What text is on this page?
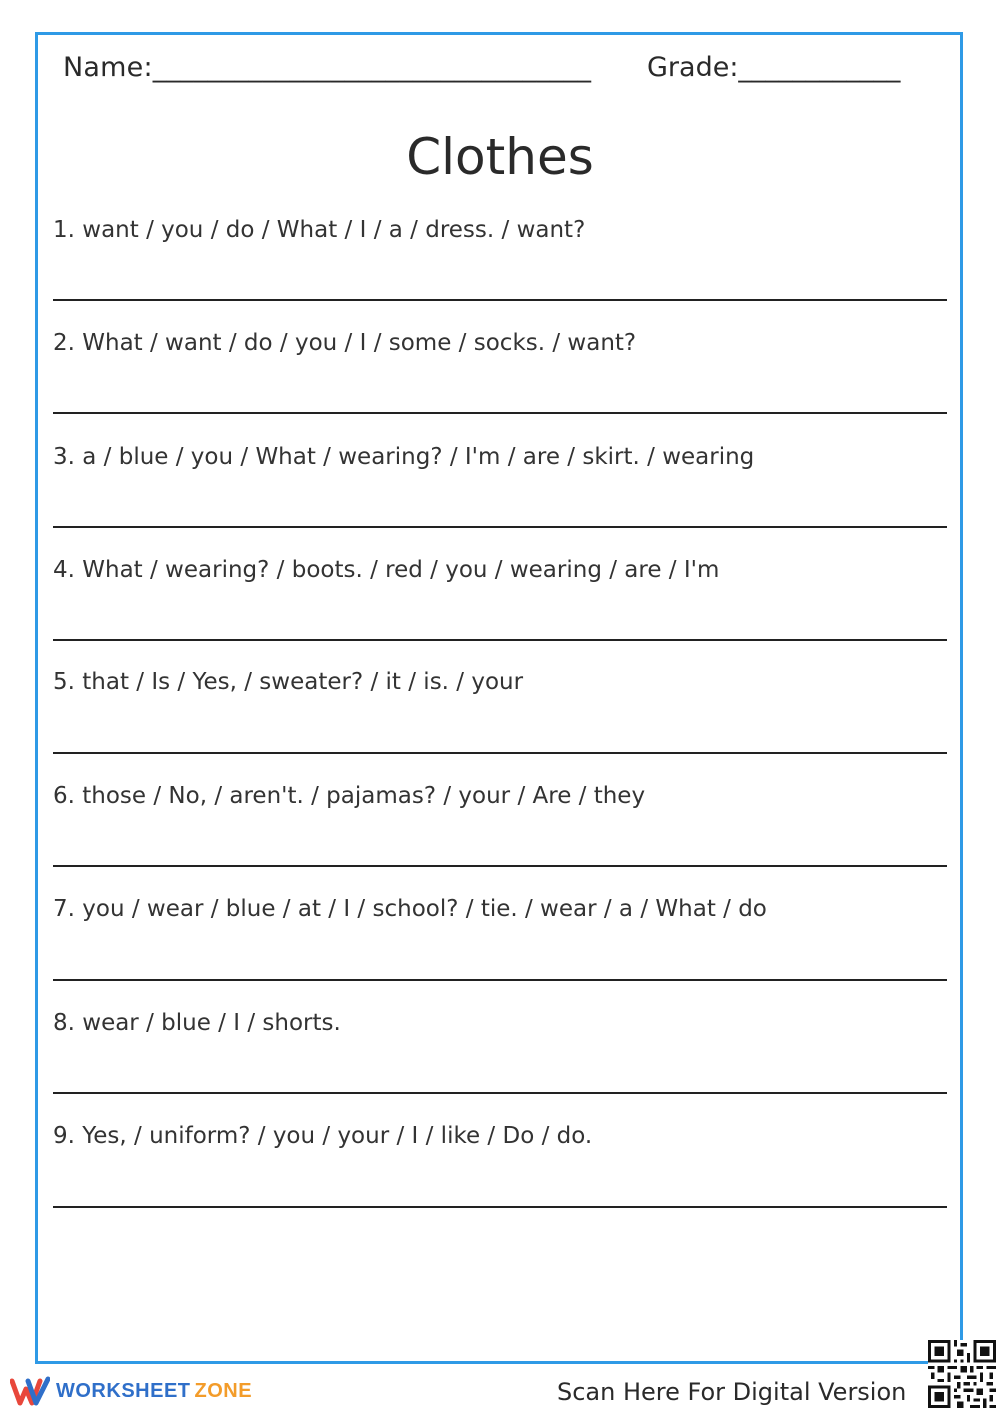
Name:________________________________ Grade:____________
Clothes
1. want / you / do / What / I / a / dress. / want?
2. What / want / do / you / I / some / socks. / want?
3. a / blue / you / What / wearing? / I'm / are / skirt. / wearing
4. What / wearing? / boots. / red / you / wearing / are / I'm
5. that / Is / Yes, / sweater? / it / is. / your
6. those / No, / aren't. / pajamas? / your / Are / they
7. you / wear / blue / at / I / school? / tie. / wear / a / What / do
8. wear / blue / I / shorts.
9. Yes, / uniform? / you / your / I / like / Do / do.
WORKSHEET ZONE	Scan Here For Digital Version
